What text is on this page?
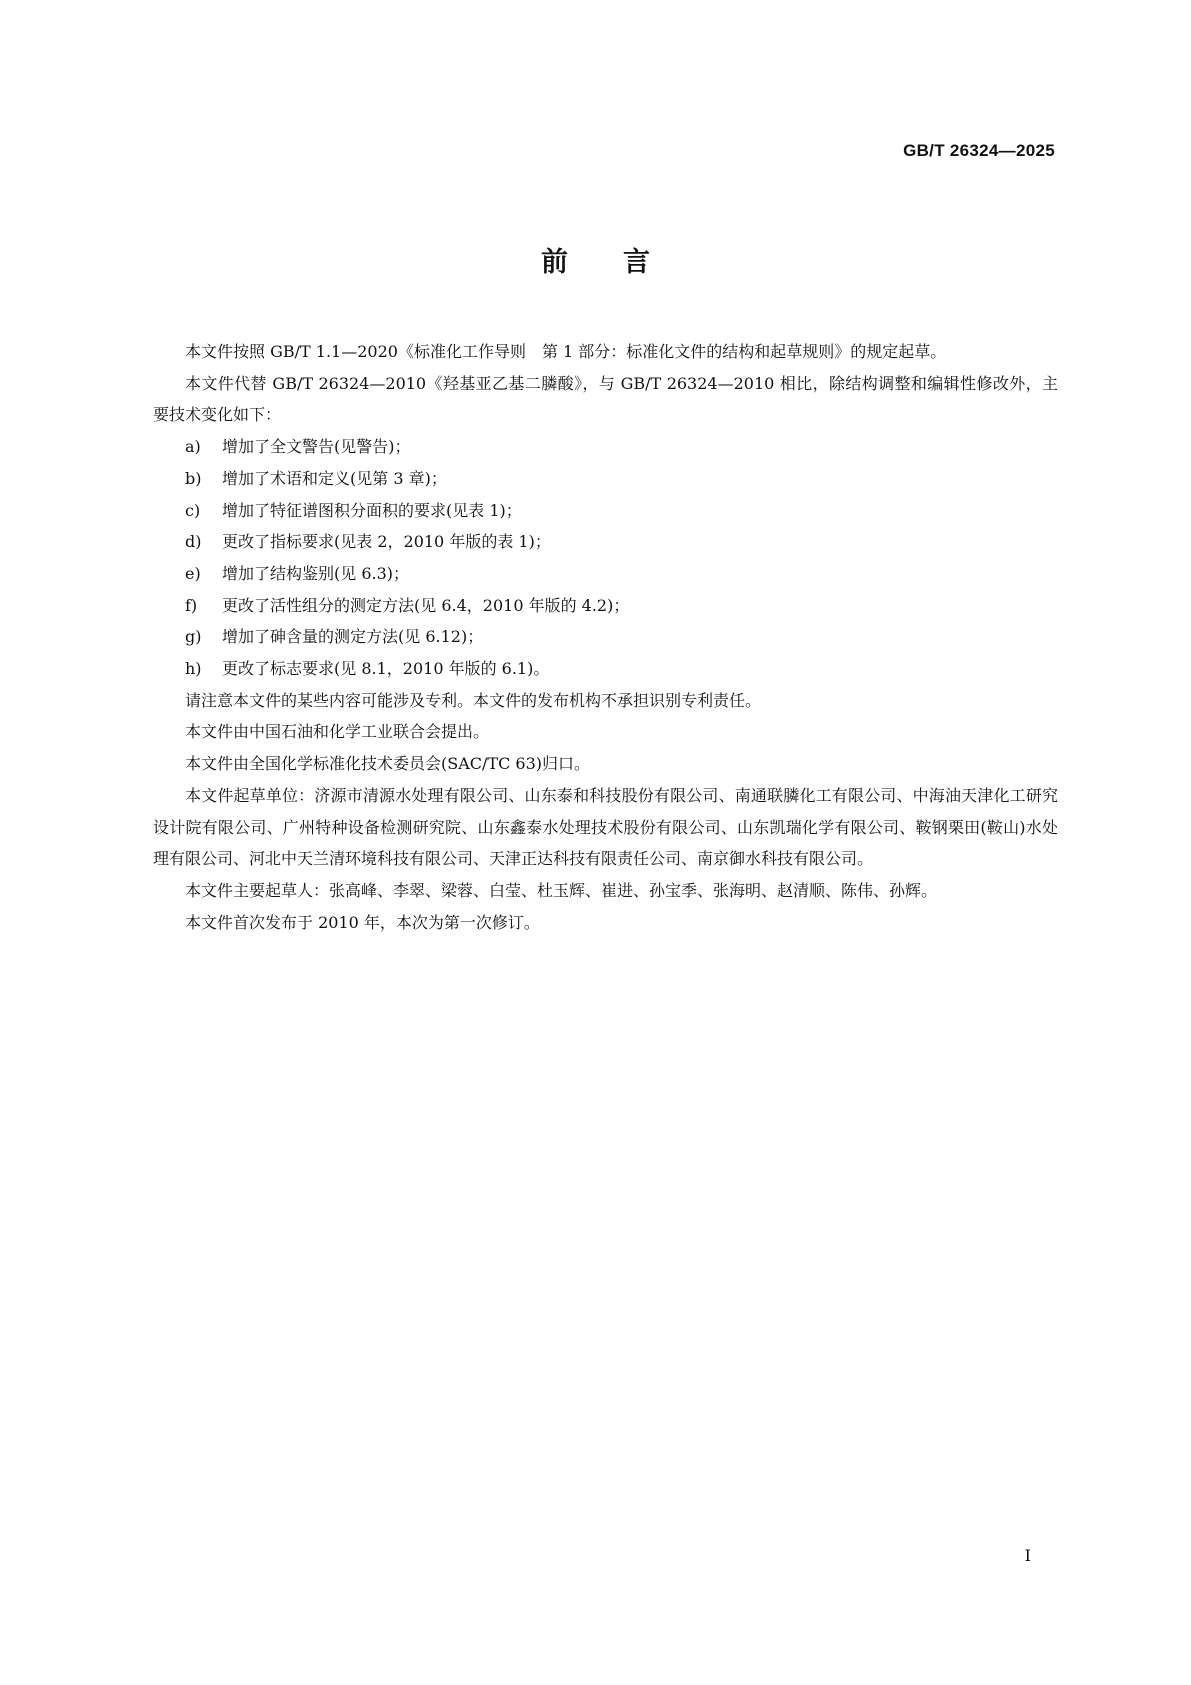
GB/T 26324—2025
前言

本文件按照 GB/T 1.1—2020《标准化工作导则　第 1 部分：标准化文件的结构和起草规则》的规定起草。

本文件代替 GB/T 26324—2010《羟基亚乙基二膦酸》，与 GB/T 26324—2010 相比，除结构调整和编辑性修改外，主要技术变化如下：

a) 增加了全文警告(见警告)；
b) 增加了术语和定义(见第 3 章)；
c) 增加了特征谱图积分面积的要求(见表 1)；
d) 更改了指标要求(见表 2，2010 年版的表 1)；
e) 增加了结构鉴别(见 6.3)；
f) 更改了活性组分的测定方法(见 6.4，2010 年版的 4.2)；
g) 增加了砷含量的测定方法(见 6.12)；
h) 更改了标志要求(见 8.1，2010 年版的 6.1)。

请注意本文件的某些内容可能涉及专利。本文件的发布机构不承担识别专利责任。

本文件由中国石油和化学工业联合会提出。

本文件由全国化学标准化技术委员会(SAC/TC 63)归口。

本文件起草单位：济源市清源水处理有限公司、山东泰和科技股份有限公司、南通联膦化工有限公司、中海油天津化工研究设计院有限公司、广州特种设备检测研究院、山东鑫泰水处理技术股份有限公司、山东凯瑞化学有限公司、鞍钢栗田(鞍山)水处理有限公司、河北中天兰清环境科技有限公司、天津正达科技有限责任公司、南京御水科技有限公司。

本文件主要起草人：张高峰、李翠、梁蓉、白莹、杜玉辉、崔进、孙宝季、张海明、赵清顺、陈伟、孙辉。

本文件首次发布于 2010 年，本次为第一次修订。

I
